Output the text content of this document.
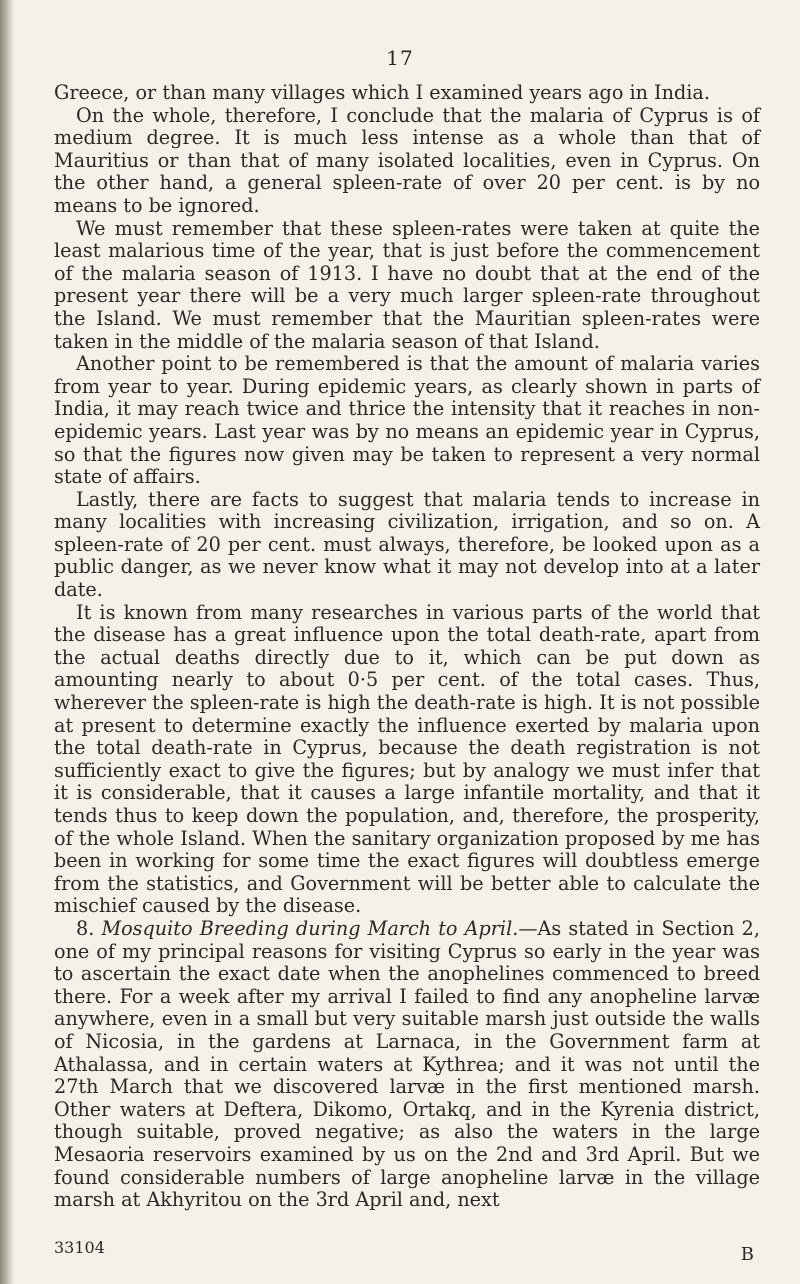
17

Greece, or than many villages which I examined years ago in India.

On the whole, therefore, I conclude that the malaria of Cyprus is of medium degree. It is much less intense as a whole than that of Mauritius or than that of many isolated localities, even in Cyprus. On the other hand, a general spleen-rate of over 20 per cent. is by no means to be ignored.

We must remember that these spleen-rates were taken at quite the least malarious time of the year, that is just before the commencement of the malaria season of 1913. I have no doubt that at the end of the present year there will be a very much larger spleen-rate throughout the Island. We must remember that the Mauritian spleen-rates were taken in the middle of the malaria season of that Island.

Another point to be remembered is that the amount of malaria varies from year to year. During epidemic years, as clearly shown in parts of India, it may reach twice and thrice the intensity that it reaches in non-epidemic years. Last year was by no means an epidemic year in Cyprus, so that the figures now given may be taken to represent a very normal state of affairs.

Lastly, there are facts to suggest that malaria tends to increase in many localities with increasing civilization, irrigation, and so on. A spleen-rate of 20 per cent. must always, therefore, be looked upon as a public danger, as we never know what it may not develop into at a later date.

It is known from many researches in various parts of the world that the disease has a great influence upon the total death-rate, apart from the actual deaths directly due to it, which can be put down as amounting nearly to about 0·5 per cent. of the total cases. Thus, wherever the spleen-rate is high the death-rate is high. It is not possible at present to determine exactly the influence exerted by malaria upon the total death-rate in Cyprus, because the death registration is not sufficiently exact to give the figures; but by analogy we must infer that it is considerable, that it causes a large infantile mortality, and that it tends thus to keep down the population, and, therefore, the prosperity, of the whole Island. When the sanitary organization proposed by me has been in working for some time the exact figures will doubtless emerge from the statistics, and Government will be better able to calculate the mischief caused by the disease.

8. Mosquito Breeding during March to April.—As stated in Section 2, one of my principal reasons for visiting Cyprus so early in the year was to ascertain the exact date when the anophelines commenced to breed there. For a week after my arrival I failed to find any anopheline larvæ anywhere, even in a small but very suitable marsh just outside the walls of Nicosia, in the gardens at Larnaca, in the Government farm at Athalassa, and in certain waters at Kythrea; and it was not until the 27th March that we discovered larvæ in the first mentioned marsh. Other waters at Deftera, Dikomo, Ortakq, and in the Kyrenia district, though suitable, proved negative; as also the waters in the large Mesaoria reservoirs examined by us on the 2nd and 3rd April. But we found considerable numbers of large anopheline larvæ in the village marsh at Akhyritou on the 3rd April and, next

33104	B
